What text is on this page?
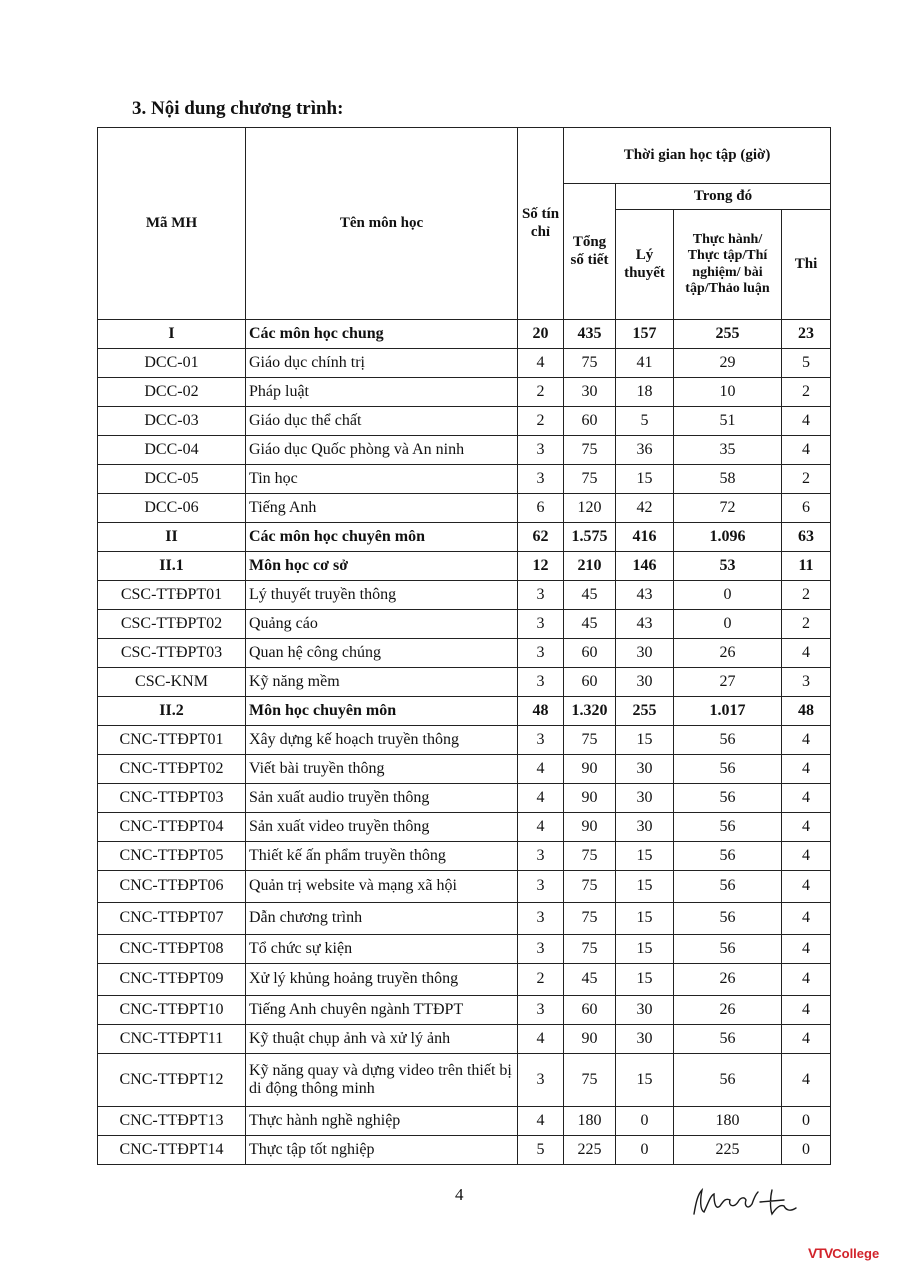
3. Nội dung chương trình:
Mã MH	Tên môn học	Số tín chỉ	Thời gian học tập (giờ)			
			Tổng số tiết	Trong đó		
				Lý thuyết	Thực hành/ Thực tập/Thí nghiệm/ bài tập/Thảo luận	Thi
I	Các môn học chung	20	435	157	255	23
DCC-01	Giáo dục chính trị	4	75	41	29	5
DCC-02	Pháp luật	2	30	18	10	2
DCC-03	Giáo dục thể chất	2	60	5	51	4
DCC-04	Giáo dục Quốc phòng và An ninh	3	75	36	35	4
DCC-05	Tin học	3	75	15	58	2
DCC-06	Tiếng Anh	6	120	42	72	6
II	Các môn học chuyên môn	62	1.575	416	1.096	63
II.1	Môn học cơ sở	12	210	146	53	11
CSC-TTĐPT01	Lý thuyết truyền thông	3	45	43	0	2
CSC-TTĐPT02	Quảng cáo	3	45	43	0	2
CSC-TTĐPT03	Quan hệ công chúng	3	60	30	26	4
CSC-KNM	Kỹ năng mềm	3	60	30	27	3
II.2	Môn học chuyên môn	48	1.320	255	1.017	48
CNC-TTĐPT01	Xây dựng kế hoạch truyền thông	3	75	15	56	4
CNC-TTĐPT02	Viết bài truyền thông	4	90	30	56	4
CNC-TTĐPT03	Sản xuất audio truyền thông	4	90	30	56	4
CNC-TTĐPT04	Sản xuất video truyền thông	4	90	30	56	4
CNC-TTĐPT05	Thiết kế ấn phẩm truyền thông	3	75	15	56	4
CNC-TTĐPT06	Quản trị website và mạng xã hội	3	75	15	56	4
CNC-TTĐPT07	Dẫn chương trình	3	75	15	56	4
CNC-TTĐPT08	Tổ chức sự kiện	3	75	15	56	4
CNC-TTĐPT09	Xử lý khủng hoảng truyền thông	2	45	15	26	4
CNC-TTĐPT10	Tiếng Anh chuyên ngành TTĐPT	3	60	30	26	4
CNC-TTĐPT11	Kỹ thuật chụp ảnh và xử lý ảnh	4	90	30	56	4
CNC-TTĐPT12	Kỹ năng quay và dựng video trên thiết bị di động thông minh	3	75	15	56	4
CNC-TTĐPT13	Thực hành nghề nghiệp	4	180	0	180	0
CNC-TTĐPT14	Thực tập tốt nghiệp	5	225	0	225	0
4
VTV College
